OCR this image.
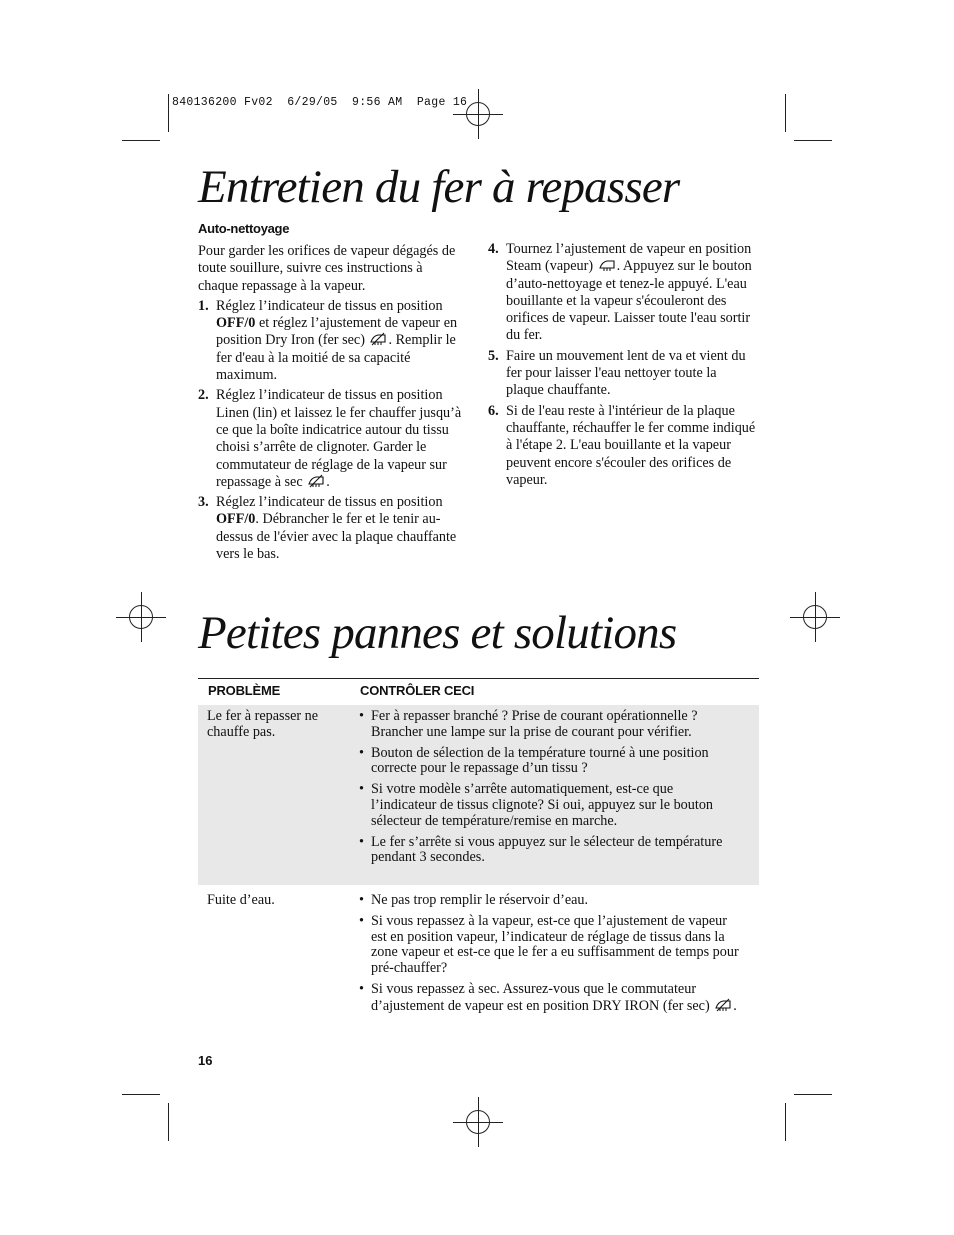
840136200 Fv02  6/29/05  9:56 AM  Page 16
Entretien du fer à repasser
Auto-nettoyage

Pour garder les orifices de vapeur dégagés de toute souillure, suivre ces instructions à chaque repassage à la vapeur.

1. Réglez l’indicateur de tissus en position OFF/0 et réglez l’ajustement de vapeur en position Dry Iron (fer sec) . Remplir le fer d'eau à la moitié de sa capacité maximum.
2. Réglez l’indicateur de tissus en position Linen (lin) et laissez le fer chauffer jusqu’à ce que la boîte indicatrice autour du tissu choisi s’arrête de clignoter. Garder le commutateur de réglage de la vapeur sur repassage à sec .
3. Réglez l’indicateur de tissus en position OFF/0. Débrancher le fer et le tenir au-dessus de l'évier avec la plaque chauffante vers le bas.
4. Tournez l’ajustement de vapeur en position Steam (vapeur) . Appuyez sur le bouton d’auto-nettoyage et tenez-le appuyé. L'eau bouillante et la vapeur s'écouleront des orifices de vapeur. Laisser toute l'eau sortir du fer.
5. Faire un mouvement lent de va et vient du fer pour laisser l'eau nettoyer toute la plaque chauffante.
6. Si de l'eau reste à l'intérieur de la plaque chauffante, réchauffer le fer comme indiqué à l'étape 2. L'eau bouillante et la vapeur peuvent encore s'écouler des orifices de vapeur.
Petites pannes et solutions
PROBLÈME	CONTRÔLER CECI
Le fer à repasser ne chauffe pas.

• Fer à repasser branché ? Prise de courant opérationnelle ? Brancher une lampe sur la prise de courant pour vérifier.

• Bouton de sélection de la température tourné à une position correcte pour le repassage d’un tissu ?

• Si votre modèle s’arrête automatiquement, est-ce que l’indicateur de tissus clignote? Si oui, appuyez sur le bouton sélecteur de température/remise en marche.

• Le fer s’arrête si vous appuyez sur le sélecteur de température pendant 3 secondes.

Fuite d’eau.

•	Ne pas trop remplir le réservoir d’eau.

• Si vous repassez à la vapeur, est-ce que l’ajustement de vapeur est en position vapeur, l’indicateur de réglage de tissus dans la zone vapeur et est-ce que le fer a eu suffisamment de temps pour pré-chauffer?

• Si vous repassez à sec. Assurez-vous que le commutateur d’ajustement de vapeur est en position DRY IRON (fer sec) .

16
